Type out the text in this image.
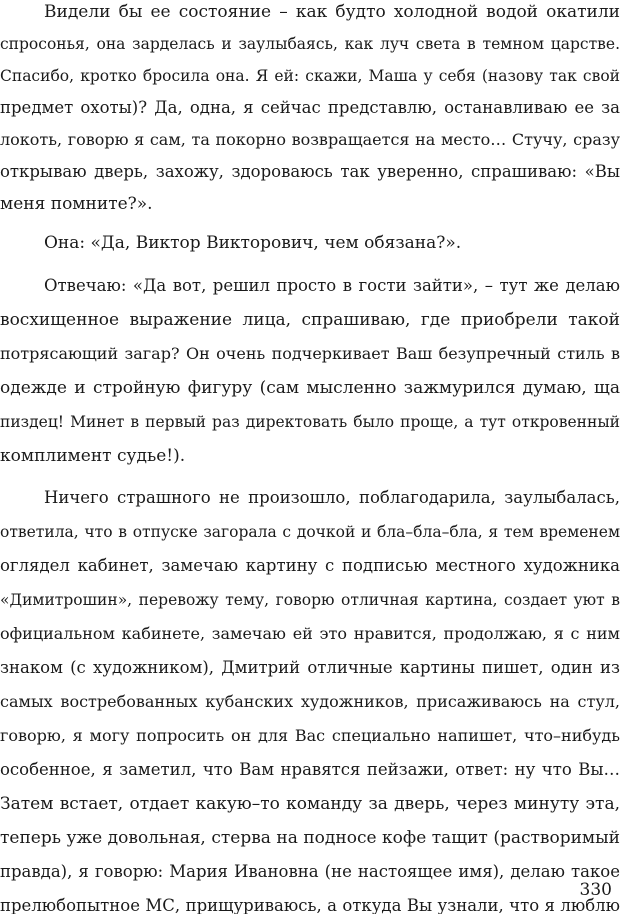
Видели бы ее состояние – как будто холодной водой окатили
спросонья, она зарделась и заулыбаясь, как луч света в темном царстве.
Спасибо, кротко бросила она. Я ей: скажи, Маша у себя (назову так свой
предмет охоты)? Да, одна, я сейчас представлю, останавливаю ее за
локоть, говорю я сам, та покорно возвращается на место… Стучу, сразу
открываю дверь, захожу, здороваюсь так уверенно, спрашиваю: «Вы
меня помните?».
Она: «Да, Виктор Викторович, чем обязана?».
Отвечаю: «Да вот, решил просто в гости зайти», – тут же делаю
восхищенное выражение лица, спрашиваю, где приобрели такой
потрясающий загар? Он очень подчеркивает Ваш безупречный стиль в
одежде и стройную фигуру (сам мысленно зажмурился думаю, ща
пиздец! Минет в первый раз директовать было проще, а тут откровенный
комплимент судье!).
Ничего страшного не произошло, поблагодарила, заулыбалась,
ответила, что в отпуске загорала с дочкой и бла–бла–бла, я тем временем
оглядел кабинет, замечаю картину с подписью местного художника
«Димитрошин», перевожу тему, говорю отличная картина, создает уют в
официальном кабинете, замечаю ей это нравится, продолжаю, я с ним
знаком (с художником), Дмитрий отличные картины пишет, один из
самых востребованных кубанских художников, присаживаюсь на стул,
говорю, я могу попросить он для Вас специально напишет, что–нибудь
особенное, я заметил, что Вам нравятся пейзажи, ответ: ну что Вы…
Затем встает, отдает какую–то команду за дверь, через минуту эта,
теперь уже довольная, стерва на подносе кофе тащит (растворимый
правда), я говорю: Мария Ивановна (не настоящее имя), делаю такое
прелюбопытное МС, прищуриваюсь, а откуда Вы узнали, что я люблю
330
